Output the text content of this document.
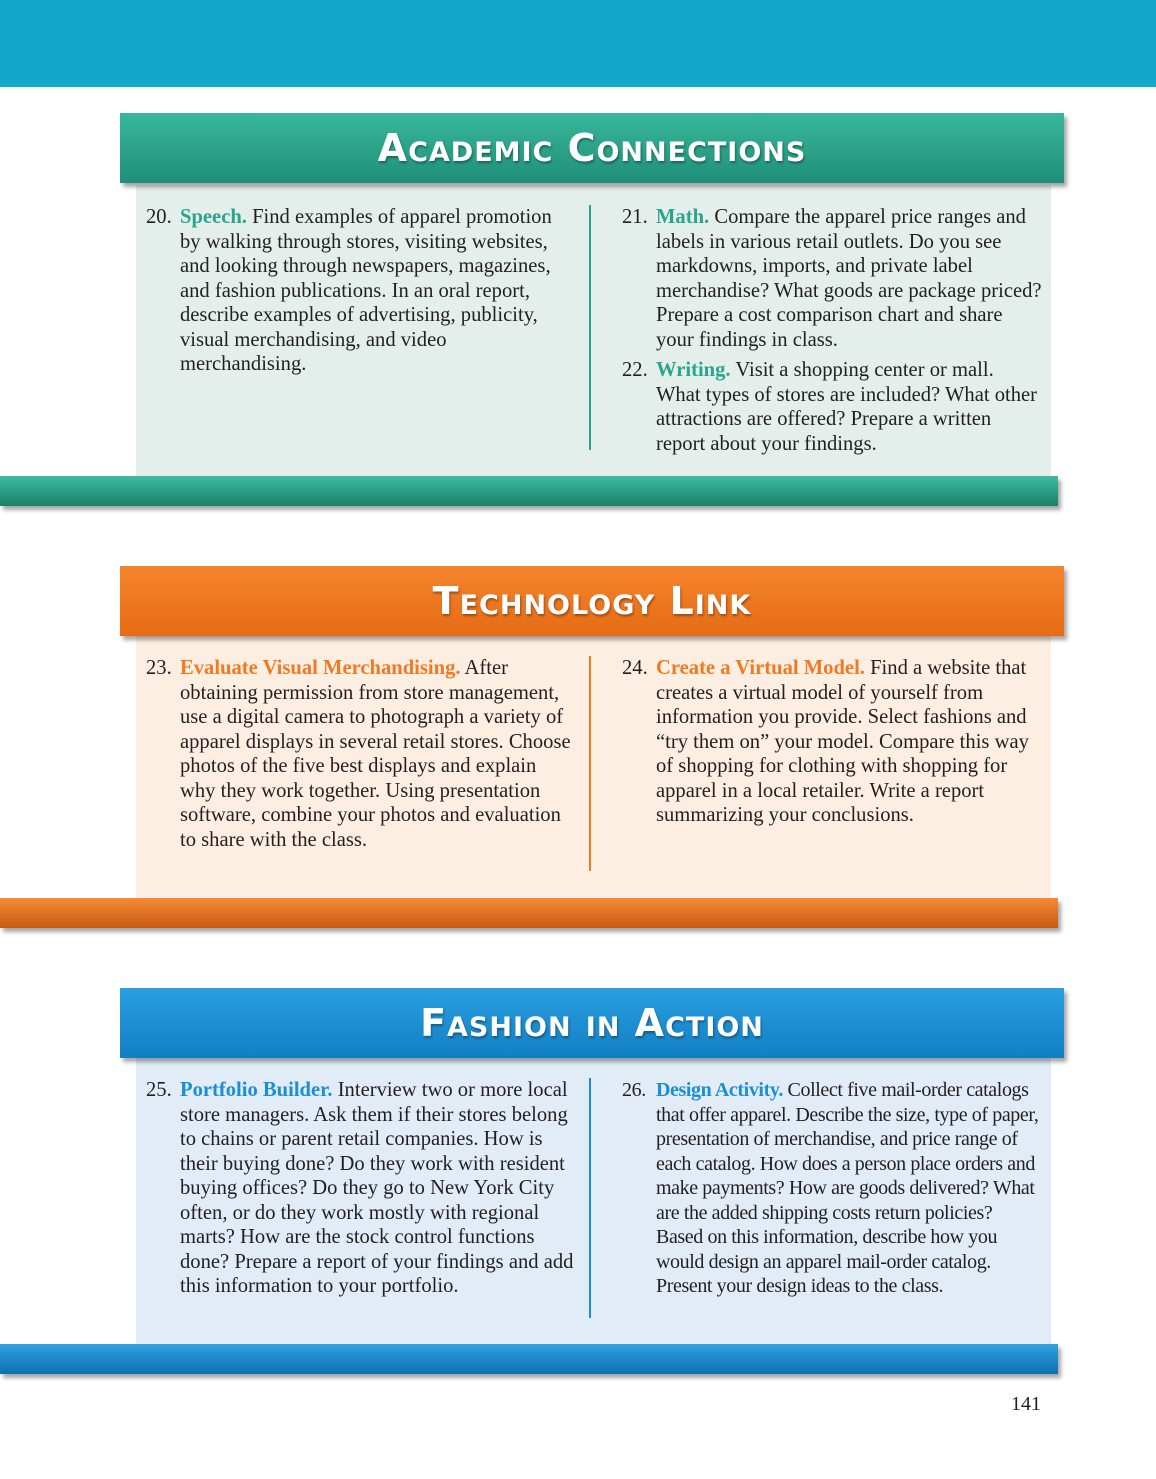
20. Speech. Find examples of apparel promotion by walking through stores, visiting websites, and looking through newspapers, magazines, and fashion publications. In an oral report, describe examples of advertising, publicity, visual merchandising, and video merchandising.
21. Math. Compare the apparel price ranges and labels in various retail outlets. Do you see markdowns, imports, and private label merchandise? What goods are package priced? Prepare a cost comparison chart and share your findings in class.
22. Writing. Visit a shopping center or mall. What types of stores are included? What other attractions are offered? Prepare a written report about your findings.
Academic Connections
23. Evaluate Visual Merchandising. After obtaining permission from store management, use a digital camera to photograph a variety of apparel displays in several retail stores. Choose photos of the five best displays and explain why they work together. Using presentation software, combine your photos and evaluation to share with the class.
24. Create a Virtual Model. Find a website that creates a virtual model of yourself from information you provide. Select fashions and “try them on” your model. Compare this way of shopping for clothing with shopping for apparel in a local retailer. Write a report summarizing your conclusions.
Technology Link
25. Portfolio Builder. Interview two or more local store managers. Ask them if their stores belong to chains or parent retail companies. How is their buying done? Do they work with resident buying offices? Do they go to New York City often, or do they work mostly with regional marts? How are the stock control functions done? Prepare a report of your findings and add this information to your portfolio.
26. Design Activity. Collect five mail-order catalogs that offer apparel. Describe the size, type of paper, presentation of merchandise, and price range of each catalog. How does a person place orders and make payments? How are goods delivered? What are the added shipping costs return policies? Based on this information, describe how you would design an apparel mail-order catalog. Present your design ideas to the class.
Fashion in Action
141
